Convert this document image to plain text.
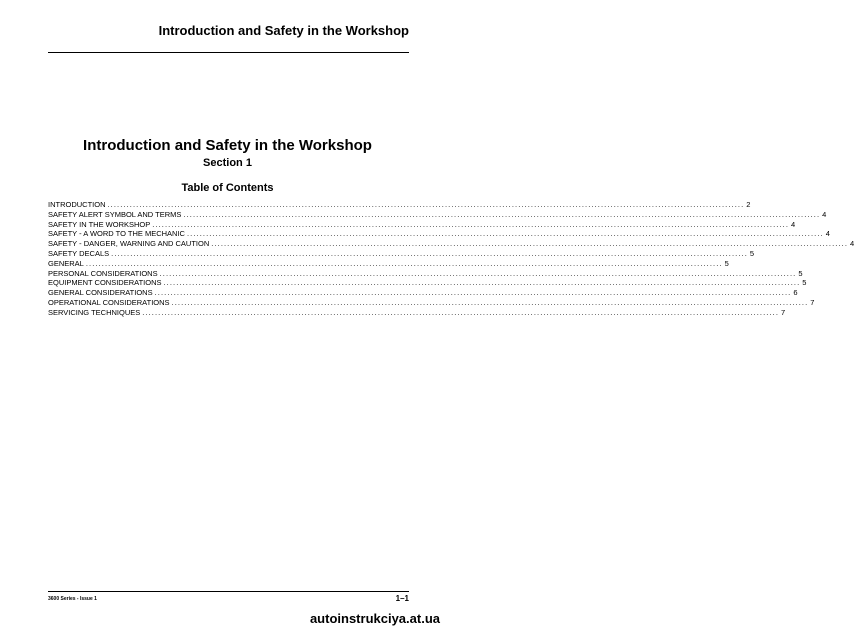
Introduction and Safety in the Workshop
Introduction and Safety in the Workshop
Section 1
Table of Contents
INTRODUCTION ........................................................................................................................................................................................................ 2
SAFETY ALERT SYMBOL AND TERMS ........................................................................................................................................................................................................ 4
SAFETY IN THE WORKSHOP ........................................................................................................................................................................................................ 4
SAFETY - A WORD TO THE MECHANIC ........................................................................................................................................................................................................ 4
SAFETY - DANGER, WARNING AND CAUTION ........................................................................................................................................................................................................ 4
SAFETY DECALS ........................................................................................................................................................................................................ 5
GENERAL ........................................................................................................................................................................................................ 5
PERSONAL CONSIDERATIONS ........................................................................................................................................................................................................ 5
EQUIPMENT CONSIDERATIONS ........................................................................................................................................................................................................ 5
GENERAL CONSIDERATIONS ........................................................................................................................................................................................................ 6
OPERATIONAL CONSIDERATIONS ........................................................................................................................................................................................................ 7
SERVICING TECHNIQUES ........................................................................................................................................................................................................ 7
3600 Series - Issue 1	1–1
autoinstrukciya.at.ua
